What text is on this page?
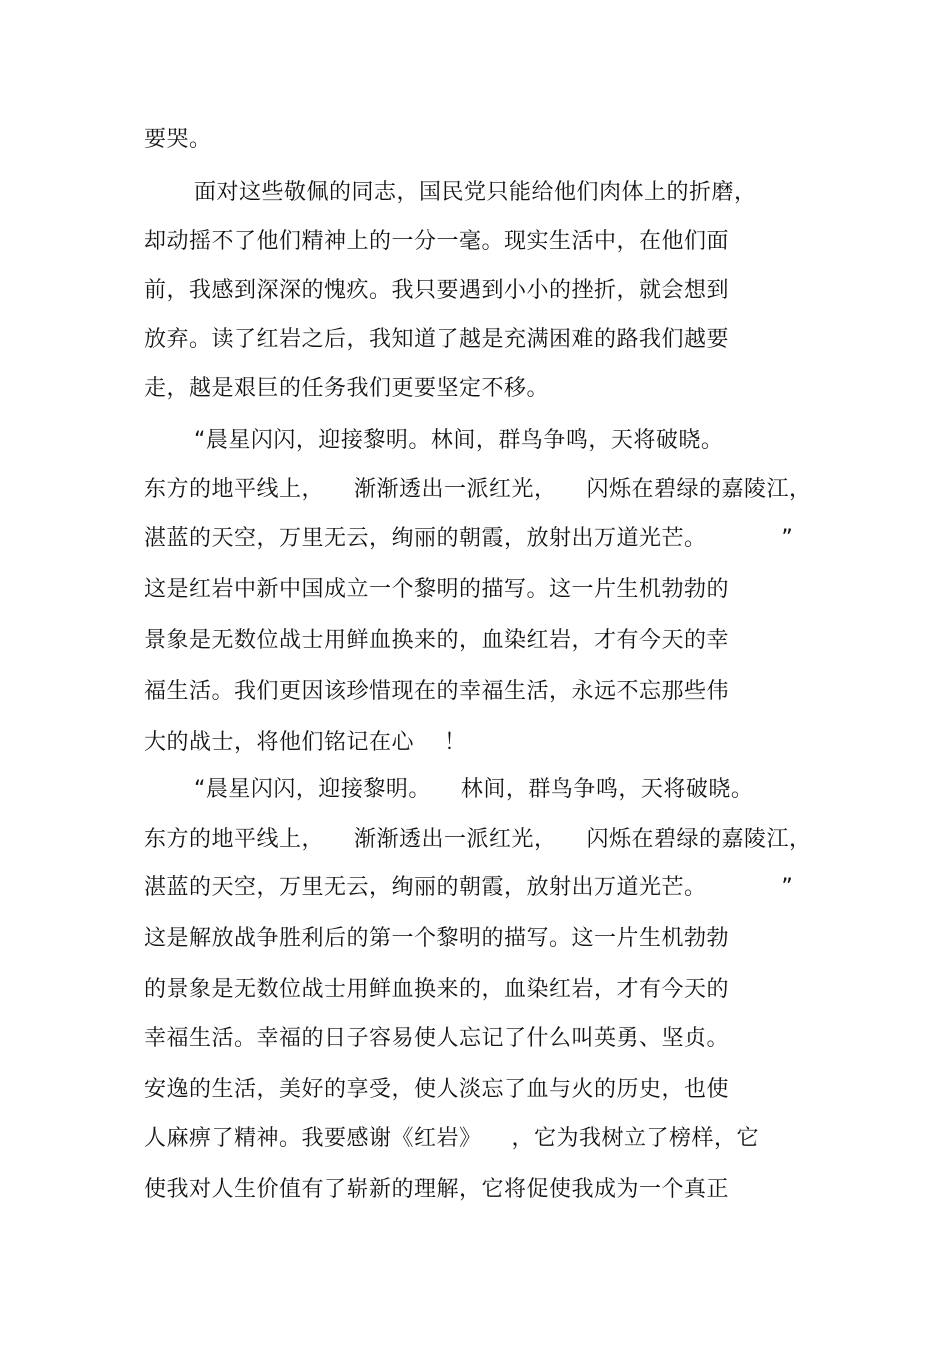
要哭。

面对这些敬佩的同志，国民党只能给他们肉体上的折磨，

却动摇不了他们精神上的一分一毫。现实生活中，在他们面

前，我感到深深的愧疚。我只要遇到小小的挫折，就会想到

放弃。读了红岩之后，我知道了越是充满困难的路我们越要

走，越是艰巨的任务我们更要坚定不移。

“晨星闪闪，迎接黎明。林间，群鸟争鸣，天将破晓。

东方的地平线上，    渐渐透出一派红光，    闪烁在碧绿的嘉陵江，

湛蓝的天空，万里无云，绚丽的朝霞，放射出万道光芒。          ”

这是红岩中新中国成立一个黎明的描写。这一片生机勃勃的

景象是无数位战士用鲜血换来的，血染红岩，才有今天的幸

福生活。我们更因该珍惜现在的幸福生活，永远不忘那些伟

大的战士，将他们铭记在心    ！

“晨星闪闪，迎接黎明。    林间，群鸟争鸣，天将破晓。

东方的地平线上，    渐渐透出一派红光，    闪烁在碧绿的嘉陵江，

湛蓝的天空，万里无云，绚丽的朝霞，放射出万道光芒。          ”

这是解放战争胜利后的第一个黎明的描写。这一片生机勃勃

的景象是无数位战士用鲜血换来的，血染红岩，才有今天的

幸福生活。幸福的日子容易使人忘记了什么叫英勇、坚贞。

安逸的生活，美好的享受，使人淡忘了血与火的历史，也使

人麻痹了精神。我要感谢《红岩》    ，它为我树立了榜样，它

使我对人生价值有了崭新的理解，它将促使我成为一个真正
